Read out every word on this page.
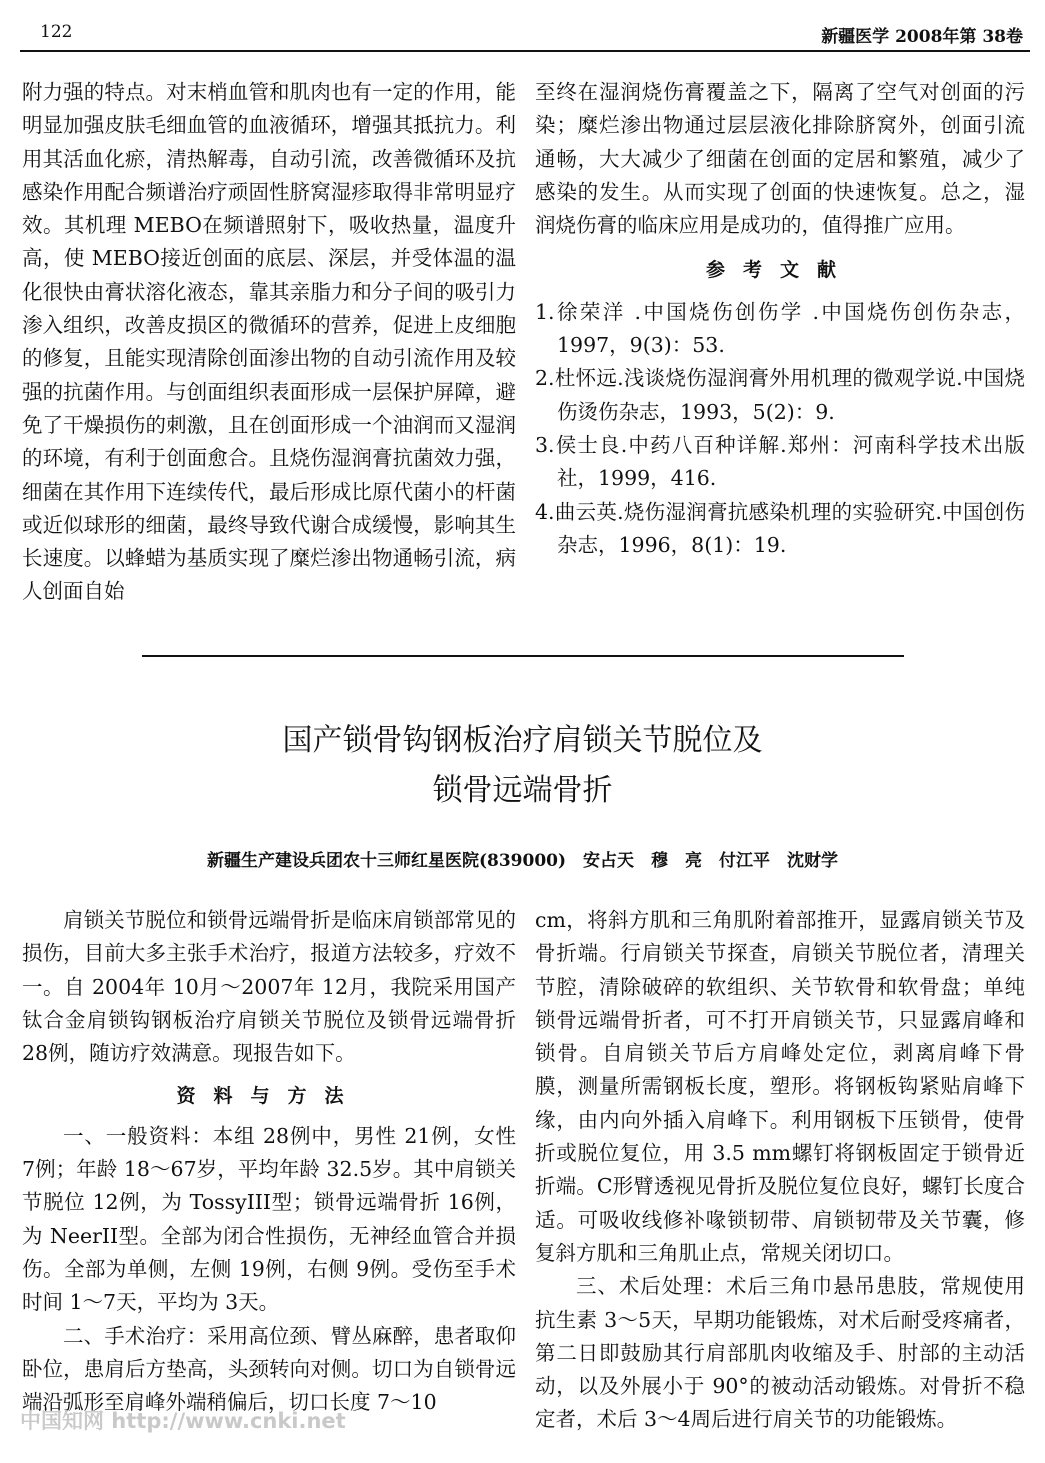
122	新疆医学 2008年第 38卷

附力强的特点。对末梢血管和肌肉也有一定的作用，能明显加强皮肤毛细血管的血液循环，增强其抵抗力。利用其活血化瘀，清热解毒，自动引流，改善微循环及抗感染作用配合频谱治疗顽固性脐窝湿疹取得非常明显疗效。其机理 MEBO在频谱照射下，吸收热量，温度升高，使 MEBO接近创面的底层、深层，并受体温的温化很快由膏状溶化液态，靠其亲脂力和分子间的吸引力渗入组织，改善皮损区的微循环的营养，促进上皮细胞的修复，且能实现清除创面渗出物的自动引流作用及较强的抗菌作用。与创面组织表面形成一层保护屏障，避免了干燥损伤的刺激，且在创面形成一个油润而又湿润的环境，有利于创面愈合。且烧伤湿润膏抗菌效力强，细菌在其作用下连续传代，最后形成比原代菌小的杆菌或近似球形的细菌，最终导致代谢合成缓慢，影响其生长速度。以蜂蜡为基质实现了糜烂渗出物通畅引流，病人创面自始

至终在湿润烧伤膏覆盖之下，隔离了空气对创面的污染；糜烂渗出物通过层层液化排除脐窝外，创面引流通畅，大大减少了细菌在创面的定居和繁殖，减少了感染的发生。从而实现了创面的快速恢复。总之，湿润烧伤膏的临床应用是成功的，值得推广应用。

参考文献

1.徐荣洋 .中国烧伤创伤学 .中国烧伤创伤杂志，1997，9(3)：53.

2.杜怀远.浅谈烧伤湿润膏外用机理的微观学说.中国烧伤烫伤杂志，1993，5(2)：9.

3.侯士良.中药八百种详解.郑州：河南科学技术出版社，1999，416.

4.曲云英.烧伤湿润膏抗感染机理的实验研究.中国创伤杂志，1996，8(1)：19.

国产锁骨钩钢板治疗肩锁关节脱位及
锁骨远端骨折
新疆生产建设兵团农十三师红星医院(839000)　安占天　穆　亮　付江平　沈财学

肩锁关节脱位和锁骨远端骨折是临床肩锁部常见的损伤，目前大多主张手术治疗，报道方法较多，疗效不一。自 2004年 10月～2007年 12月，我院采用国产钛合金肩锁钩钢板治疗肩锁关节脱位及锁骨远端骨折 28例，随访疗效满意。现报告如下。

资料与方法

一、一般资料：本组 28例中，男性 21例，女性 7例；年龄 18～67岁，平均年龄 32.5岁。其中肩锁关节脱位 12例，为 TossyIII型；锁骨远端骨折 16例，为 NeerII型。全部为闭合性损伤，无神经血管合并损伤。全部为单侧，左侧 19例，右侧 9例。受伤至手术时间 1～7天，平均为 3天。

二、手术治疗：采用高位颈、臂丛麻醉，患者取仰卧位，患肩后方垫高，头颈转向对侧。切口为自锁骨远端沿弧形至肩峰外端稍偏后，切口长度 7～10

cm，将斜方肌和三角肌附着部推开，显露肩锁关节及骨折端。行肩锁关节探查，肩锁关节脱位者，清理关节腔，清除破碎的软组织、关节软骨和软骨盘；单纯锁骨远端骨折者，可不打开肩锁关节，只显露肩峰和锁骨。自肩锁关节后方肩峰处定位，剥离肩峰下骨膜，测量所需钢板长度，塑形。将钢板钩紧贴肩峰下缘，由内向外插入肩峰下。利用钢板下压锁骨，使骨折或脱位复位，用 3.5 mm螺钉将钢板固定于锁骨近折端。C形臂透视见骨折及脱位复位良好，螺钉长度合适。可吸收线修补喙锁韧带、肩锁韧带及关节囊，修复斜方肌和三角肌止点，常规关闭切口。

三、术后处理：术后三角巾悬吊患肢，常规使用抗生素 3～5天，早期功能锻炼，对术后耐受疼痛者，第二日即鼓励其行肩部肌肉收缩及手、肘部的主动活动，以及外展小于 90°的被动活动锻炼。对骨折不稳定者，术后 3～4周后进行肩关节的功能锻炼。

中国知网 http://www.cnki.net
